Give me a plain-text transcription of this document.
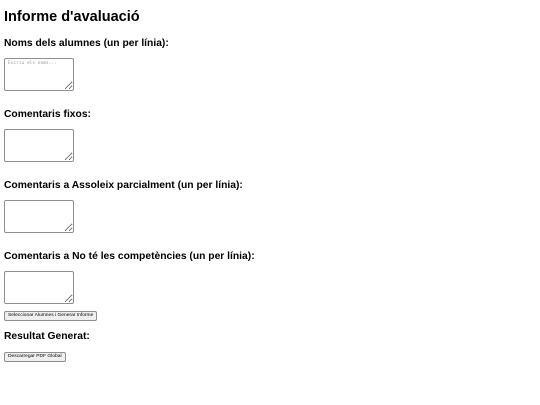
Informe d'avaluació
Noms dels alumnes (un per línia):
Escriu els noms...
Comentaris fixos:
Comentaris a Assoleix parcialment (un per línia):
Comentaris a No té les competències (un per línia):
Seleccionar Alumnes i Generar Informe
Resultat Generat:
Descarregar PDF Global
